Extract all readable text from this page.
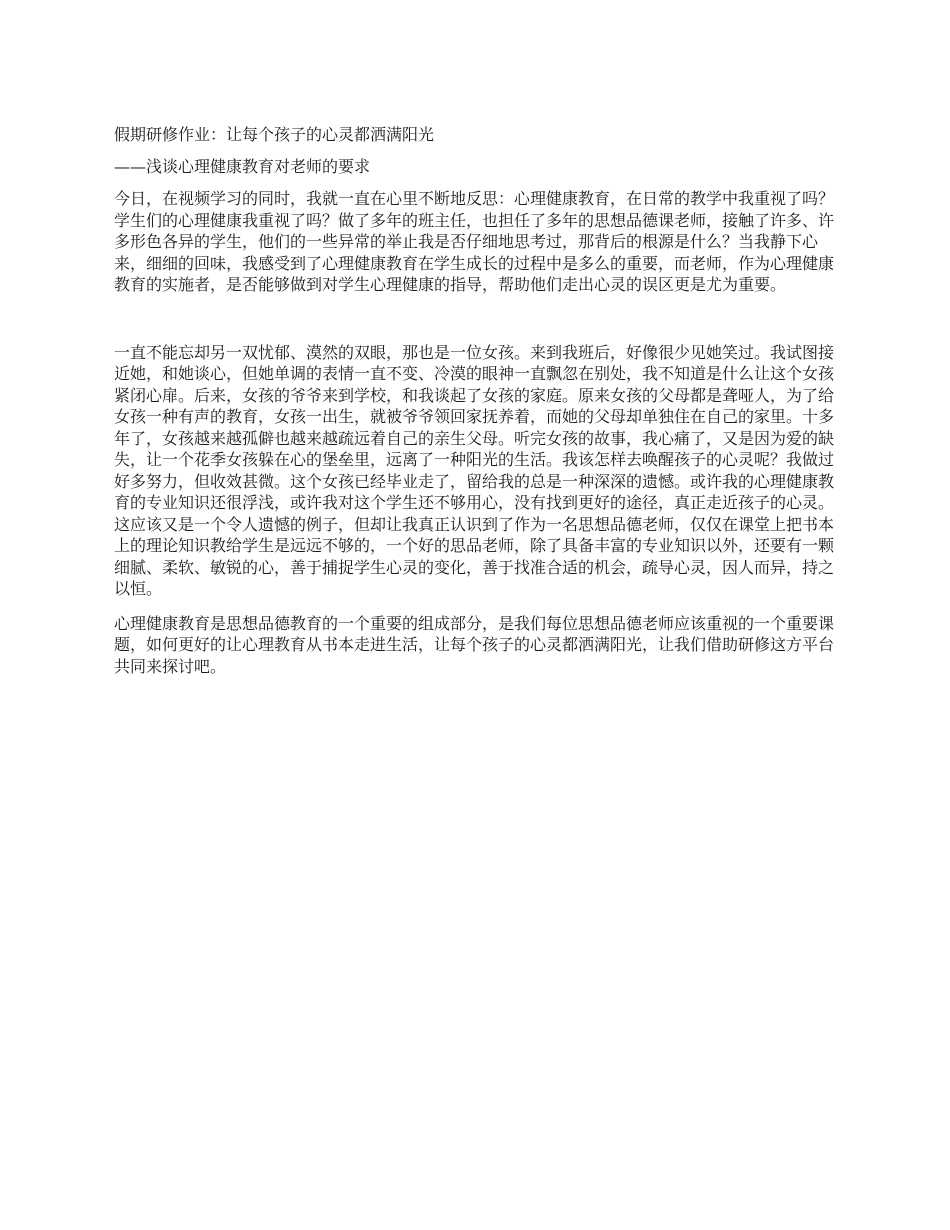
假期研修作业：让每个孩子的心灵都洒满阳光

——浅谈心理健康教育对老师的要求

今日，在视频学习的同时，我就一直在心里不断地反思：心理健康教育，在日常的教学中我重视了吗？学生们的心理健康我重视了吗？做了多年的班主任，也担任了多年的思想品德课老师，接触了许多、许多形色各异的学生，他们的一些异常的举止我是否仔细地思考过，那背后的根源是什么？当我静下心来，细细的回味，我感受到了心理健康教育在学生成长的过程中是多么的重要，而老师，作为心理健康教育的实施者，是否能够做到对学生心理健康的指导，帮助他们走出心灵的误区更是尤为重要。

一直不能忘却另一双忧郁、漠然的双眼，那也是一位女孩。来到我班后，好像很少见她笑过。我试图接近她，和她谈心，但她单调的表情一直不变、冷漠的眼神一直飘忽在别处，我不知道是什么让这个女孩紧闭心扉。后来，女孩的爷爷来到学校，和我谈起了女孩的家庭。原来女孩的父母都是聋哑人，为了给女孩一种有声的教育，女孩一出生，就被爷爷领回家抚养着，而她的父母却单独住在自己的家里。十多年了，女孩越来越孤僻也越来越疏远着自己的亲生父母。听完女孩的故事，我心痛了，又是因为爱的缺失，让一个花季女孩躲在心的堡垒里，远离了一种阳光的生活。我该怎样去唤醒孩子的心灵呢？我做过好多努力，但收效甚微。这个女孩已经毕业走了，留给我的总是一种深深的遗憾。或许我的心理健康教育的专业知识还很浮浅，或许我对这个学生还不够用心，没有找到更好的途径，真正走近孩子的心灵。这应该又是一个令人遗憾的例子，但却让我真正认识到了作为一名思想品德老师，仅仅在课堂上把书本上的理论知识教给学生是远远不够的，一个好的思品老师，除了具备丰富的专业知识以外，还要有一颗细腻、柔软、敏锐的心，善于捕捉学生心灵的变化，善于找准合适的机会，疏导心灵，因人而异，持之以恒。

心理健康教育是思想品德教育的一个重要的组成部分，是我们每位思想品德老师应该重视的一个重要课题，如何更好的让心理教育从书本走进生活，让每个孩子的心灵都洒满阳光，让我们借助研修这方平台共同来探讨吧。
